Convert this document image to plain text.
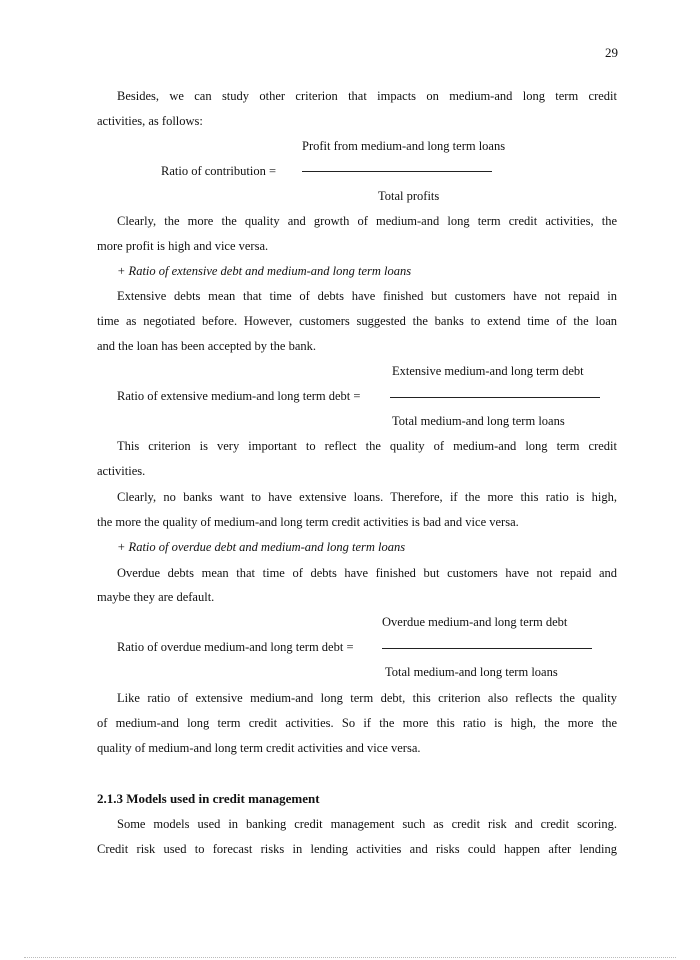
29
Besides, we can study other criterion that impacts on medium-and long term credit
activities, as follows:
Profit from medium-and long term loans
Ratio of contribution =
Total profits
Clearly, the more the quality and growth of medium-and long term credit activities, the
more profit is high and vice versa.
+ Ratio of extensive debt and medium-and long term loans
Extensive debts mean that time of debts have finished but customers have not repaid in
time as negotiated before. However, customers suggested the banks to extend time of the loan
and the loan has been accepted by the bank.
Extensive medium-and long term debt
Ratio of extensive medium-and long term debt =
Total medium-and long term loans
This criterion is very important to reflect the quality of medium-and long term credit
activities.
Clearly, no banks want to have extensive loans. Therefore, if the more this ratio is high,
the more the quality of medium-and long term credit activities is bad and vice versa.
+ Ratio of overdue debt and medium-and long term loans
Overdue debts mean that time of debts have finished but customers have not repaid and
maybe they are default.
Overdue medium-and long term debt
Ratio of overdue medium-and long term debt =
Total medium-and long term loans
Like ratio of extensive medium-and long term debt, this criterion also reflects the quality
of medium-and long term credit activities. So if the more this ratio is high, the more the
quality of medium-and long term credit activities and vice versa.
2.1.3 Models used in credit management
Some models used in banking credit management such as credit risk and credit scoring.
Credit risk used to forecast risks in lending activities and risks could happen after lending
